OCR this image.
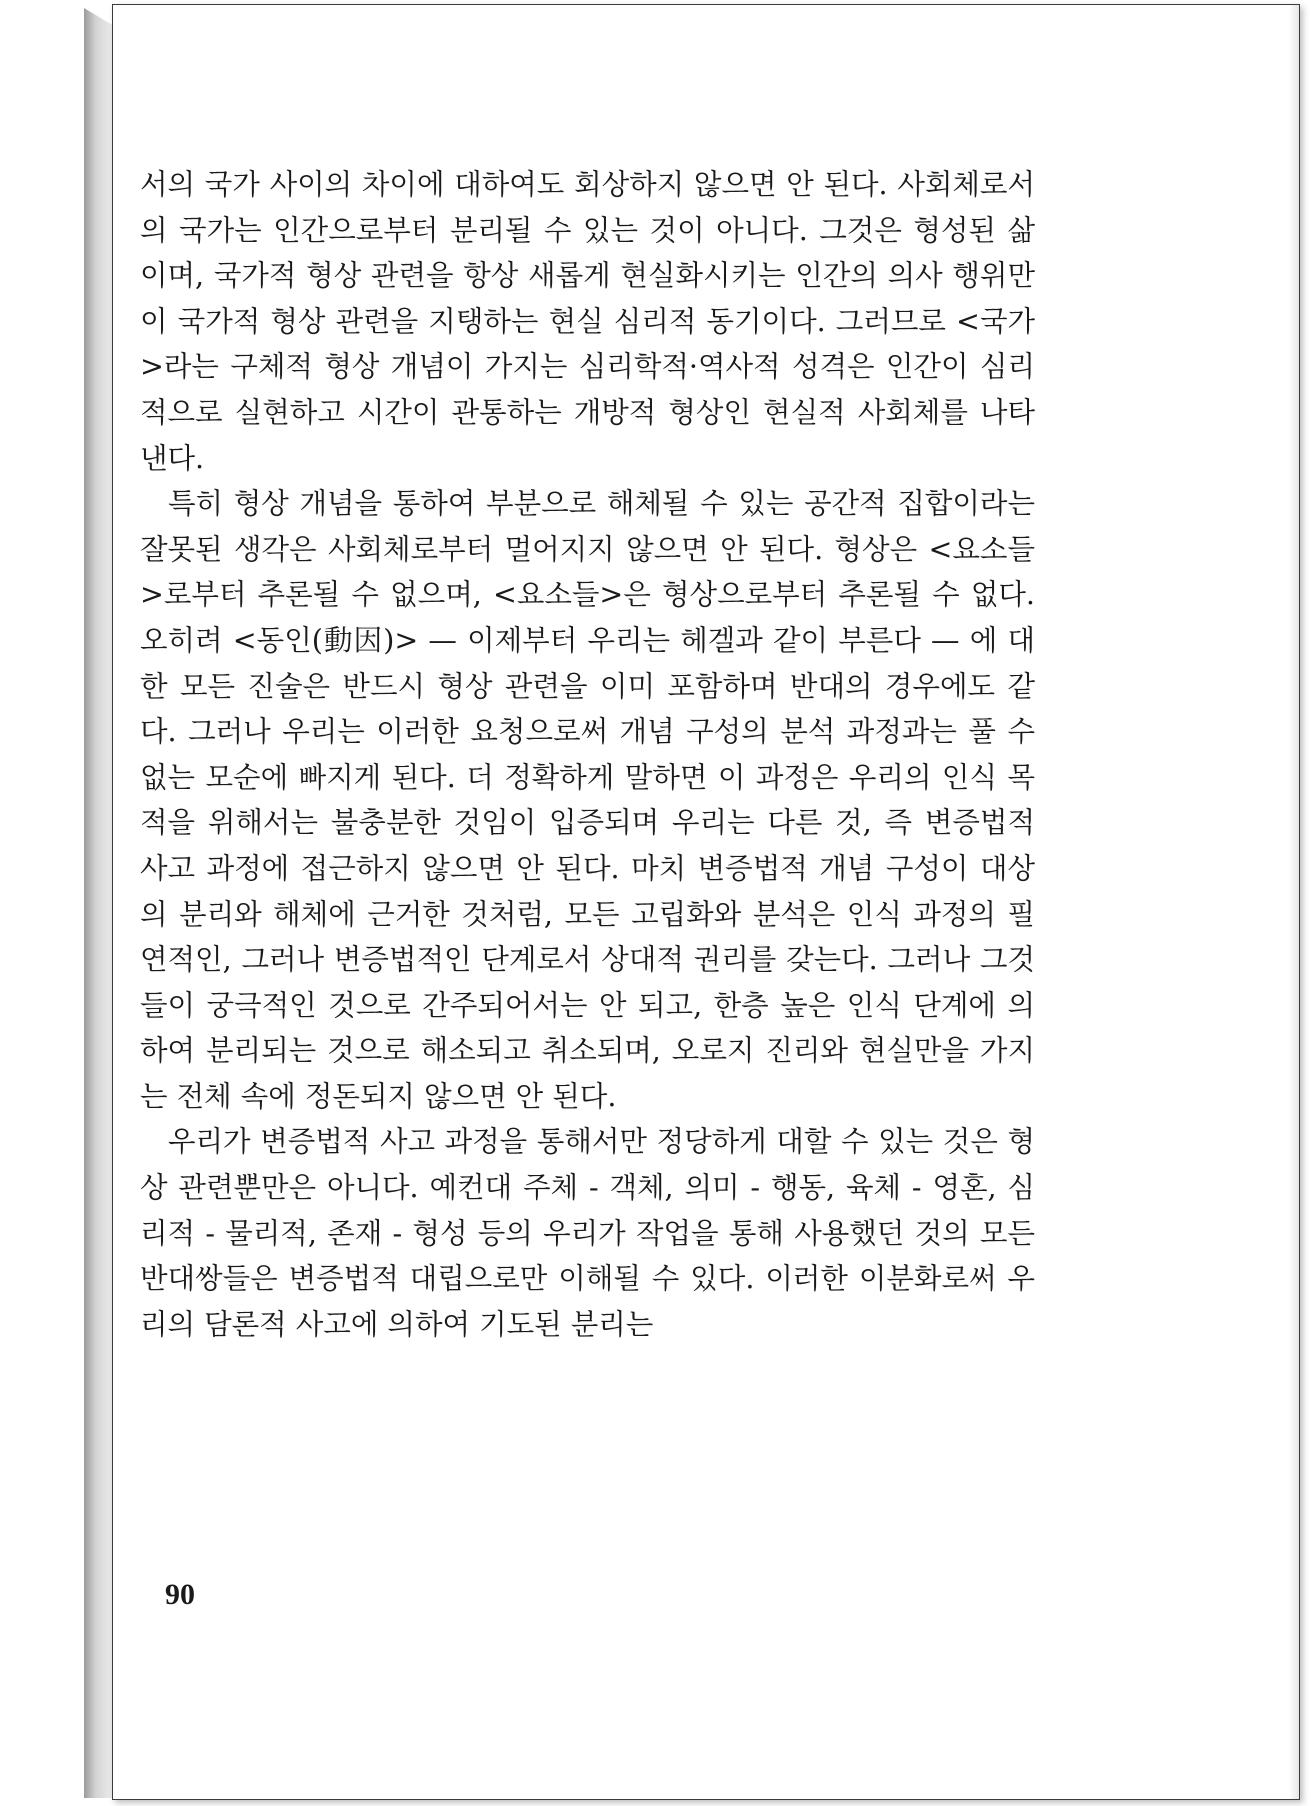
서의 국가 사이의 차이에 대하여도 회상하지 않으면 안 된다. 사회체로서의 국가는 인간으로부터 분리될 수 있는 것이 아니다. 그것은 형성된 삶이며, 국가적 형상 관련을 항상 새롭게 현실화시키는 인간의 의사 행위만이 국가적 형상 관련을 지탱하는 현실 심리적 동기이다. 그러므로 <국가>라는 구체적 형상 개념이 가지는 심리학적·역사적 성격은 인간이 심리적으로 실현하고 시간이 관통하는 개방적 형상인 현실적 사회체를 나타낸다.

특히 형상 개념을 통하여 부분으로 해체될 수 있는 공간적 집합이라는 잘못된 생각은 사회체로부터 멀어지지 않으면 안 된다. 형상은 <요소들>로부터 추론될 수 없으며, <요소들>은 형상으로부터 추론될 수 없다. 오히려 <동인(動因)> — 이제부터 우리는 헤겔과 같이 부른다 — 에 대한 모든 진술은 반드시 형상 관련을 이미 포함하며 반대의 경우에도 같다. 그러나 우리는 이러한 요청으로써 개념 구성의 분석 과정과는 풀 수 없는 모순에 빠지게 된다. 더 정확하게 말하면 이 과정은 우리의 인식 목적을 위해서는 불충분한 것임이 입증되며 우리는 다른 것, 즉 변증법적 사고 과정에 접근하지 않으면 안 된다. 마치 변증법적 개념 구성이 대상의 분리와 해체에 근거한 것처럼, 모든 고립화와 분석은 인식 과정의 필연적인, 그러나 변증법적인 단계로서 상대적 권리를 갖는다. 그러나 그것들이 궁극적인 것으로 간주되어서는 안 되고, 한층 높은 인식 단계에 의하여 분리되는 것으로 해소되고 취소되며, 오로지 진리와 현실만을 가지는 전체 속에 정돈되지 않으면 안 된다.

우리가 변증법적 사고 과정을 통해서만 정당하게 대할 수 있는 것은 형상 관련뿐만은 아니다. 예컨대 주체 - 객체, 의미 - 행동, 육체 - 영혼, 심리적 - 물리적, 존재 - 형성 등의 우리가 작업을 통해 사용했던 것의 모든 반대쌍들은 변증법적 대립으로만 이해될 수 있다. 이러한 이분화로써 우리의 담론적 사고에 의하여 기도된 분리는

90
